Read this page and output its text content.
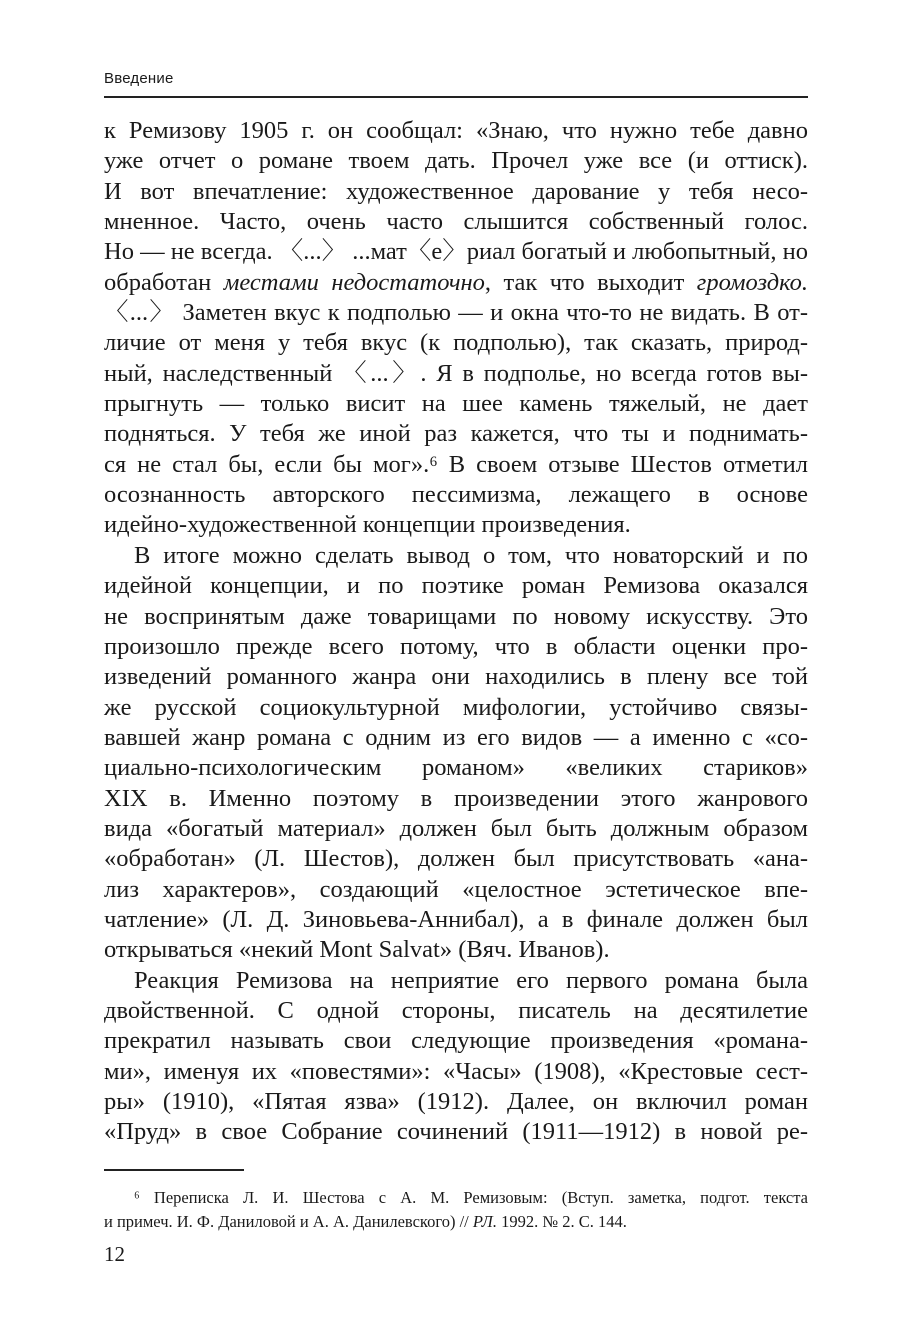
Введение
к Ремизову 1905 г. он сообщал: «Знаю, что нужно тебе давно
уже отчет о романе твоем дать. Прочел уже все (и оттиск).
И вот впечатление: художественное дарование у тебя несо-
мненное. Часто, очень часто слышится собственный голос.
Но — не всегда. 〈...〉 ...мат〈е〉риал богатый и любопытный, но
обработан местами недостаточно, так что выходит громоздко.
〈...〉 Заметен вкус к подполью — и окна что-то не видать. В от-
личие от меня у тебя вкус (к подполью), так сказать, природ-
ный, наследственный 〈...〉. Я в подполье, но всегда готов вы-
прыгнуть — только висит на шее камень тяжелый, не дает
подняться. У тебя же иной раз кажется, что ты и поднимать-
ся не стал бы, если бы мог».⁶ В своем отзыве Шестов отметил
осознанность авторского пессимизма, лежащего в основе
идейно-художественной концепции произведения.
В итоге можно сделать вывод о том, что новаторский и по
идейной концепции, и по поэтике роман Ремизова оказался
не воспринятым даже товарищами по новому искусству. Это
произошло прежде всего потому, что в области оценки про-
изведений романного жанра они находились в плену все той
же русской социокультурной мифологии, устойчиво связы-
вавшей жанр романа с одним из его видов — а именно с «со-
циально-психологическим романом» «великих стариков»
XIX в. Именно поэтому в произведении этого жанрового
вида «богатый материал» должен был быть должным образом
«обработан» (Л. Шестов), должен был присутствовать «ана-
лиз характеров», создающий «целостное эстетическое впе-
чатление» (Л. Д. Зиновьева-Аннибал), а в финале должен был
открываться «некий Mont Salvat» (Вяч. Иванов).
Реакция Ремизова на неприятие его первого романа была
двойственной. С одной стороны, писатель на десятилетие
прекратил называть свои следующие произведения «романа-
ми», именуя их «повестями»: «Часы» (1908), «Крестовые сест-
ры» (1910), «Пятая язва» (1912). Далее, он включил роман
«Пруд» в свое Собрание сочинений (1911—1912) в новой ре-
⁶ Переписка Л. И. Шестова с А. М. Ремизовым: (Вступ. заметка, подгот. текста
и примеч. И. Ф. Даниловой и А. А. Данилевского) // РЛ. 1992. № 2. С. 144.
12
